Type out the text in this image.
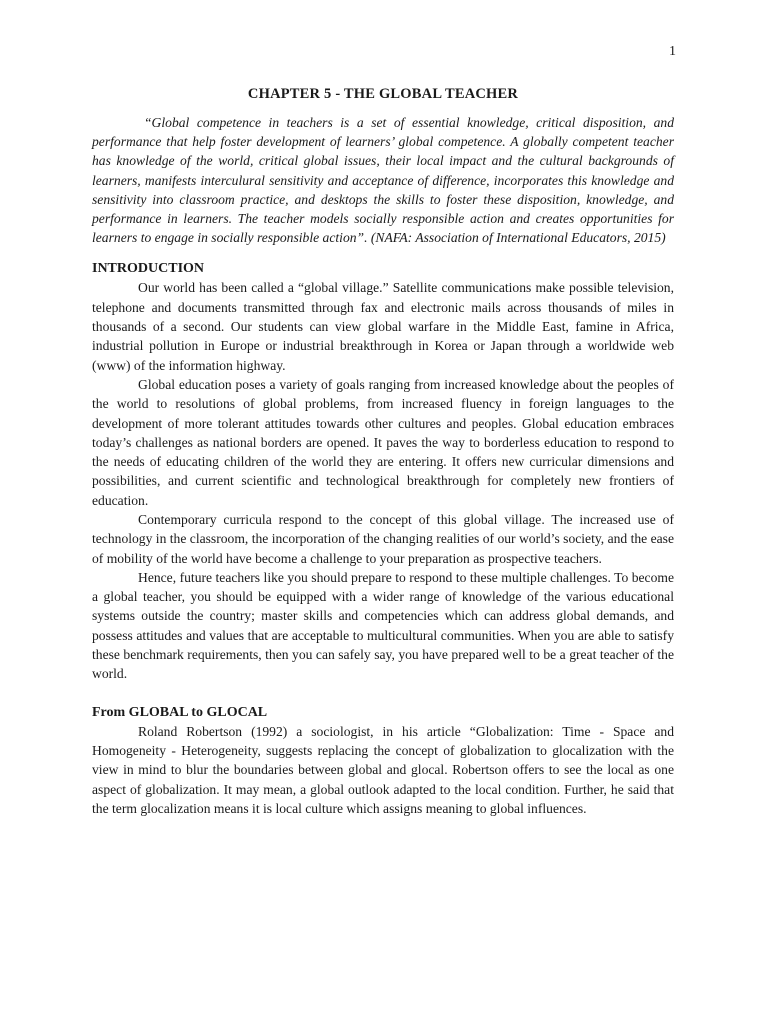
1
CHAPTER 5 - THE GLOBAL TEACHER

“Global competence in teachers is a set of essential knowledge, critical disposition, and performance that help foster development of learners’ global competence. A globally competent teacher has knowledge of the world, critical global issues, their local impact and the cultural backgrounds of learners, manifests interculural sensitivity and acceptance of difference, incorporates this knowledge and sensitivity into classroom practice, and desktops the skills to foster these disposition, knowledge, and performance in learners. The teacher models socially responsible action and creates opportunities for learners to engage in socially responsible action”. (NAFA: Association of International Educators, 2015)

INTRODUCTION

Our world has been called a “global village.” Satellite communications make possible television, telephone and documents transmitted through fax and electronic mails across thousands of miles in thousands of a second. Our students can view global warfare in the Middle East, famine in Africa, industrial pollution in Europe or industrial breakthrough in Korea or Japan through a worldwide web (www) of the information highway.

Global education poses a variety of goals ranging from increased knowledge about the peoples of the world to resolutions of global problems, from increased fluency in foreign languages to the development of more tolerant attitudes towards other cultures and peoples. Global education embraces today’s challenges as national borders are opened. It paves the way to borderless education to respond to the needs of educating children of the world they are entering. It offers new curricular dimensions and possibilities, and current scientific and technological breakthrough for completely new frontiers of education.

Contemporary curricula respond to the concept of this global village. The increased use of technology in the classroom, the incorporation of the changing realities of our world’s society, and the ease of mobility of the world have become a challenge to your preparation as prospective teachers.

Hence, future teachers like you should prepare to respond to these multiple challenges. To become a global teacher, you should be equipped with a wider range of knowledge of the various educational systems outside the country; master skills and competencies which can address global demands, and possess attitudes and values that are acceptable to multicultural communities. When you are able to satisfy these benchmark requirements, then you can safely say, you have prepared well to be a great teacher of the world.

From GLOBAL to GLOCAL

Roland Robertson (1992) a sociologist, in his article “Globalization: Time - Space and Homogeneity - Heterogeneity, suggests replacing the concept of globalization to glocalization with the view in mind to blur the boundaries between global and glocal. Robertson offers to see the local as one aspect of globalization. It may mean, a global outlook adapted to the local condition. Further, he said that the term glocalization means it is local culture which assigns meaning to global influences.
